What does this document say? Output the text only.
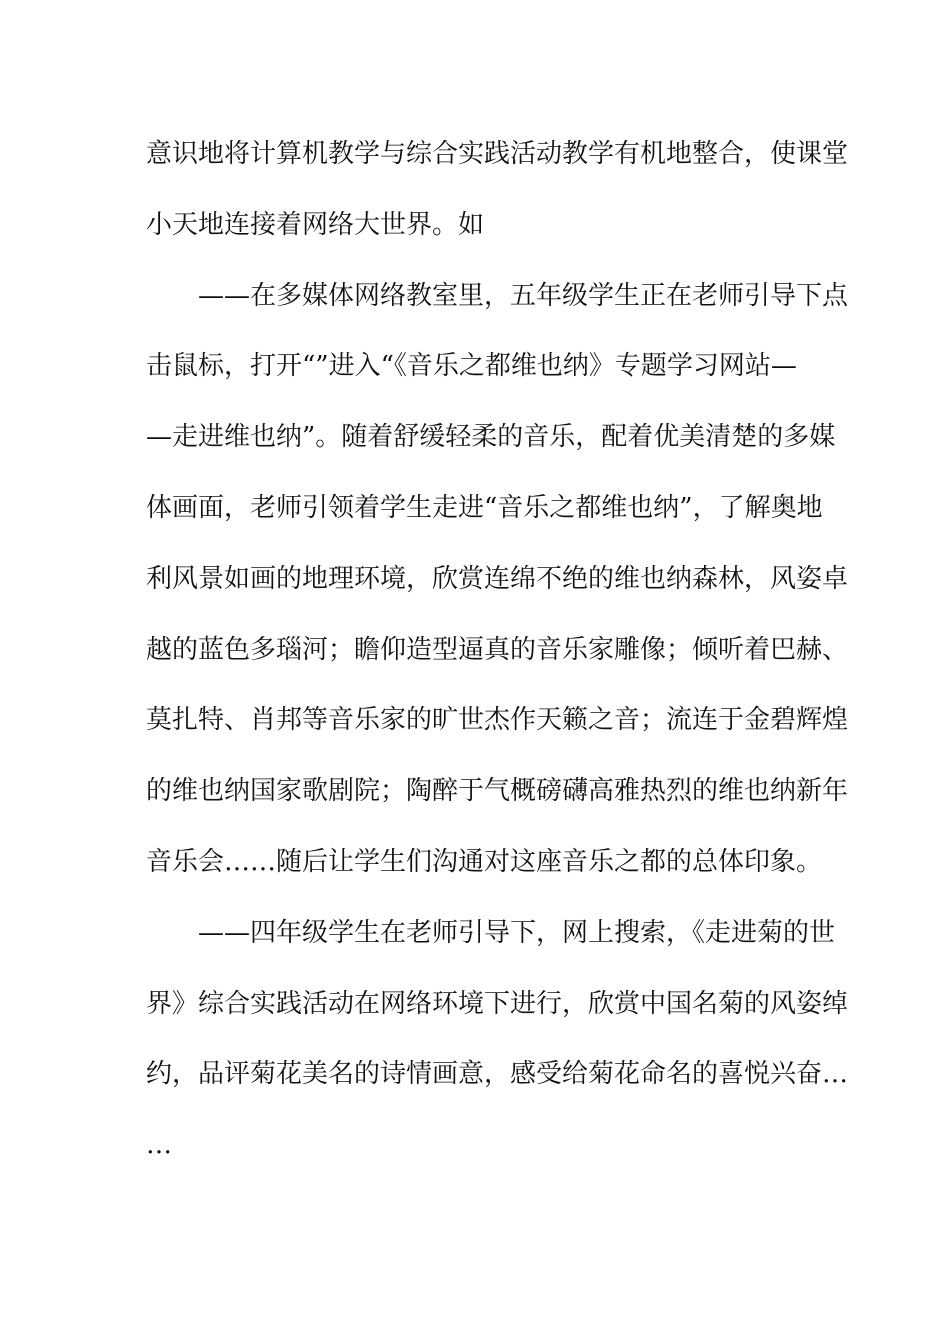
意识地将计算机教学与综合实践活动教学有机地整合，使课堂
小天地连接着网络大世界。如
　　——在多媒体网络教室里，五年级学生正在老师引导下点
击鼠标，打开“”进入“《音乐之都维也纳》专题学习网站—
—走进维也纳”。随着舒缓轻柔的音乐，配着优美清楚的多媒
体画面，老师引领着学生走进“音乐之都维也纳”，了解奥地
利风景如画的地理环境，欣赏连绵不绝的维也纳森林，风姿卓
越的蓝色多瑙河；瞻仰造型逼真的音乐家雕像；倾听着巴赫、
莫扎特、肖邦等音乐家的旷世杰作天籁之音；流连于金碧辉煌
的维也纳国家歌剧院；陶醉于气概磅礴高雅热烈的维也纳新年
音乐会……随后让学生们沟通对这座音乐之都的总体印象。
　　——四年级学生在老师引导下，网上搜索，《走进菊的世
界》综合实践活动在网络环境下进行，欣赏中国名菊的风姿绰
约，品评菊花美名的诗情画意，感受给菊花命名的喜悦兴奋…
…
